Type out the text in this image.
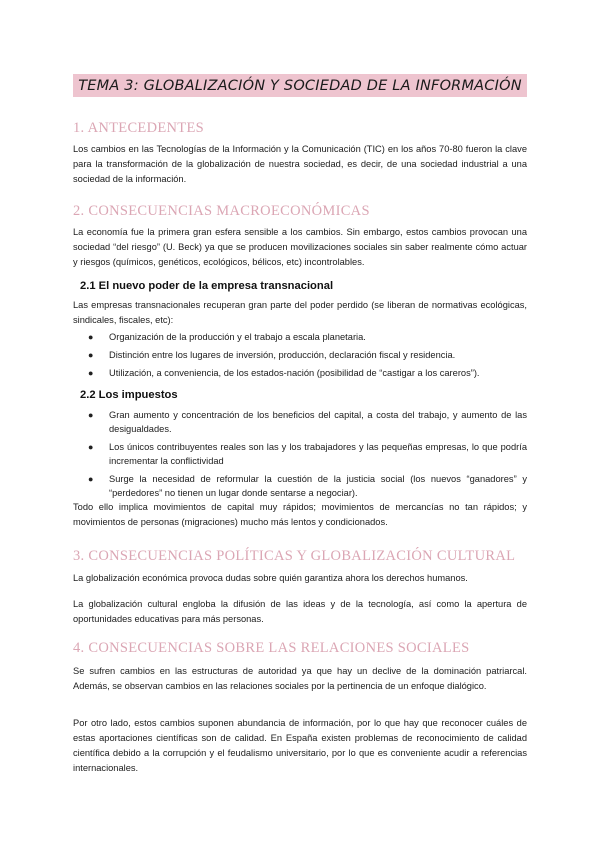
TEMA 3: GLOBALIZACIÓN Y SOCIEDAD DE LA INFORMACIÓN
1. ANTECEDENTES
Los cambios en las Tecnologías de la Información y la Comunicación (TIC) en los años 70-80 fueron la clave para la transformación de la globalización de nuestra sociedad, es decir, de una sociedad industrial a una sociedad de la información.
2. CONSECUENCIAS MACROECONÓMICAS
La economía fue la primera gran esfera sensible a los cambios. Sin embargo, estos cambios provocan una sociedad “del riesgo” (U. Beck) ya que se producen movilizaciones sociales sin saber realmente cómo actuar y riesgos (químicos, genéticos, ecológicos, bélicos, etc) incontrolables.
2.1 El nuevo poder de la empresa transnacional
Las empresas transnacionales recuperan gran parte del poder perdido (se liberan de normativas ecológicas, sindicales, fiscales, etc):
● Organización de la producción y el trabajo a escala planetaria.
● Distinción entre los lugares de inversión, producción, declaración fiscal y residencia.
● Utilización, a conveniencia, de los estados-nación (posibilidad de “castigar a los careros”).
2.2 Los impuestos
● Gran aumento y concentración de los beneficios del capital, a costa del trabajo, y aumento de las desigualdades.
● Los únicos contribuyentes reales son las y los trabajadores y las pequeñas empresas, lo que podría incrementar la conflictividad
● Surge la necesidad de reformular la cuestión de la justicia social (los nuevos “ganadores” y “perdedores” no tienen un lugar donde sentarse a negociar).
Todo ello implica movimientos de capital muy rápidos; movimientos de mercancías no tan rápidos; y movimientos de personas (migraciones) mucho más lentos y condicionados.
3. CONSECUENCIAS POLÍTICAS Y GLOBALIZACIÓN CULTURAL
La globalización económica provoca dudas sobre quién garantiza ahora los derechos humanos.
La globalización cultural engloba la difusión de las ideas y de la tecnología, así como la apertura de oportunidades educativas para más personas.
4. CONSECUENCIAS SOBRE LAS RELACIONES SOCIALES
Se sufren cambios en las estructuras de autoridad ya que hay un declive de la dominación patriarcal. Además, se observan cambios en las relaciones sociales por la pertinencia de un enfoque dialógico.
Por otro lado, estos cambios suponen abundancia de información, por lo que hay que reconocer cuáles de estas aportaciones científicas son de calidad. En España existen problemas de reconocimiento de calidad científica debido a la corrupción y el feudalismo universitario, por lo que es conveniente acudir a referencias internacionales.
